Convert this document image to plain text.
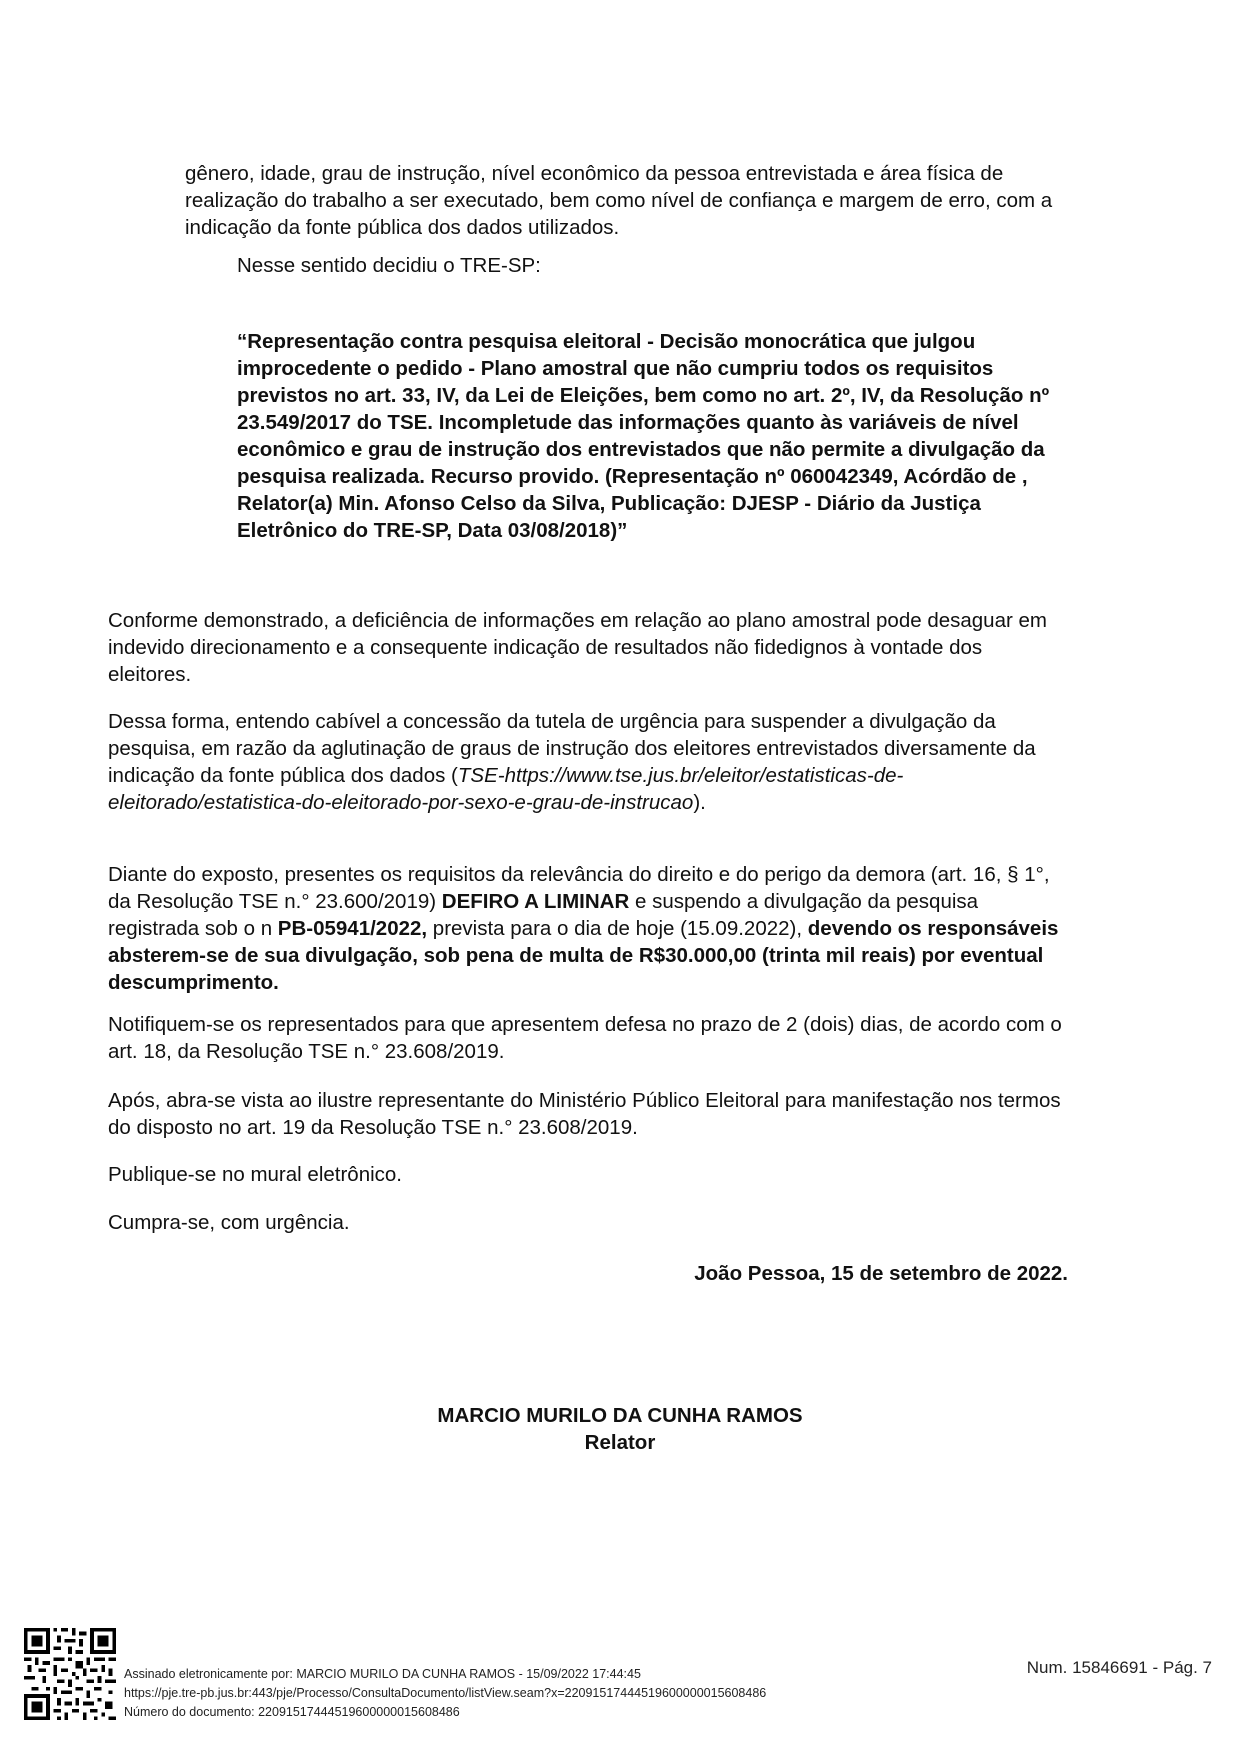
gênero, idade, grau de instrução, nível econômico da pessoa entrevistada e área física de realização do trabalho a ser executado, bem como nível de confiança e margem de erro, com a indicação da fonte pública dos dados utilizados.

Nesse sentido decidiu o TRE-SP:

“Representação contra pesquisa eleitoral - Decisão monocrática que julgou improcedente o pedido - Plano amostral que não cumpriu todos os requisitos previstos no art. 33, IV, da Lei de Eleições, bem como no art. 2º, IV, da Resolução nº 23.549/2017 do TSE. Incompletude das informações quanto às variáveis de nível econômico e grau de instrução dos entrevistados que não permite a divulgação da pesquisa realizada. Recurso provido. (Representação nº 060042349, Acórdão de , Relator(a) Min. Afonso Celso da Silva, Publicação: DJESP - Diário da Justiça Eletrônico do TRE-SP, Data 03/08/2018)”

Conforme demonstrado, a deficiência de informações em relação ao plano amostral pode desaguar em indevido direcionamento e a consequente indicação de resultados não fidedignos à vontade dos eleitores.

Dessa forma, entendo cabível a concessão da tutela de urgência para suspender a divulgação da pesquisa, em razão da aglutinação de graus de instrução dos eleitores entrevistados diversamente da indicação da fonte pública dos dados (TSE-https://www.tse.jus.br/eleitor/estatisticas-de-eleitorado/estatistica-do-eleitorado-por-sexo-e-grau-de-instrucao).

Diante do exposto, presentes os requisitos da relevância do direito e do perigo da demora (art. 16, § 1°, da Resolução TSE n.° 23.600/2019) DEFIRO A LIMINAR e suspendo a divulgação da pesquisa registrada sob o n PB-05941/2022, prevista para o dia de hoje (15.09.2022), devendo os responsáveis absterem-se de sua divulgação, sob pena de multa de R$30.000,00 (trinta mil reais) por eventual descumprimento.

Notifiquem-se os representados para que apresentem defesa no prazo de 2 (dois) dias, de acordo com o art. 18, da Resolução TSE n.° 23.608/2019.

Após, abra-se vista ao ilustre representante do Ministério Público Eleitoral para manifestação nos termos do disposto no art. 19 da Resolução TSE n.° 23.608/2019.

Publique-se no mural eletrônico.

Cumpra-se, com urgência.

João Pessoa, 15 de setembro de 2022.

MARCIO MURILO DA CUNHA RAMOS
Relator
Assinado eletronicamente por: MARCIO MURILO DA CUNHA RAMOS - 15/09/2022 17:44:45
https://pje.tre-pb.jus.br:443/pje/Processo/ConsultaDocumento/listView.seam?x=22091517444519600000015608486
Número do documento: 22091517444519600000015608486
Num. 15846691 - Pág. 7
